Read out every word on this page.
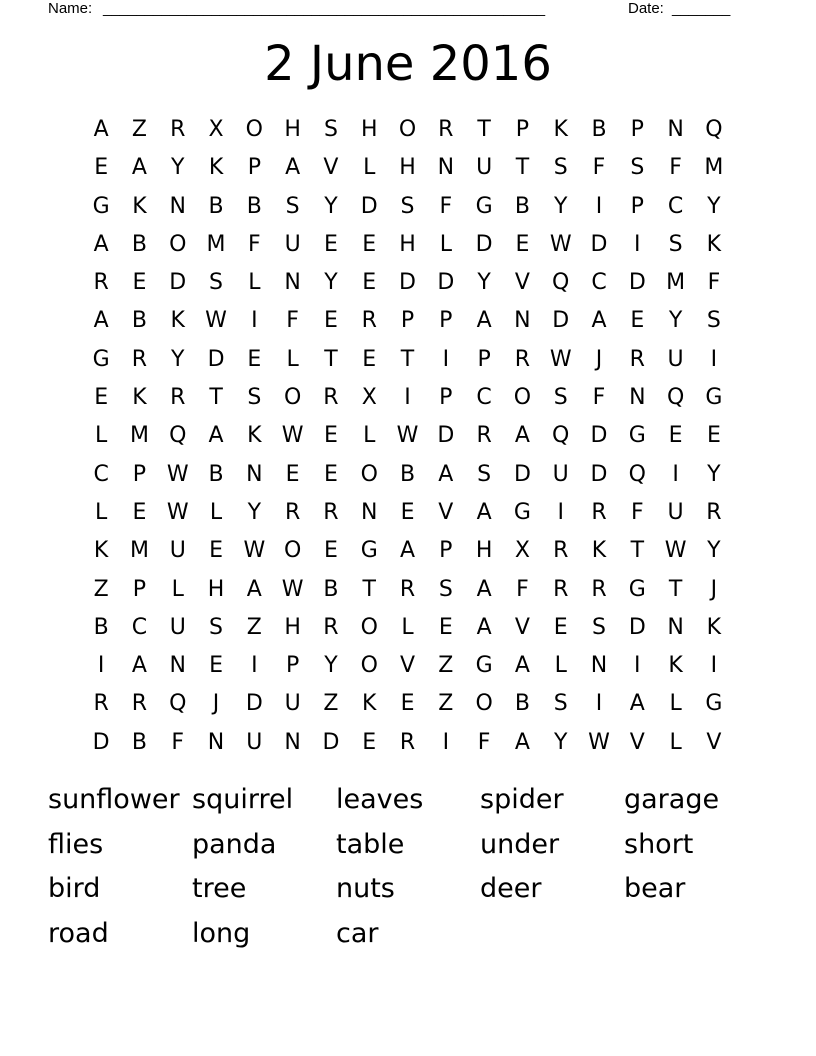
Name: _____________________________________________________	Date: _______
2 June 2016
A	Z	R	X	O H	S	H O R	T	P	K	B	P	N Q
E	A	Y	K	P	A	V	L	H N	U	T	S	F	S	F	M
G	K	N	B	B	S	Y	D	S	F	G	B	Y	I	P	C	Y
A	B	O M	F	U	E	E	H	L	D	E W D	I	S	K
R	E	D	S	L	N	Y	E	D D	Y	V	Q C	D M	F
A	B	K W	I	F	E	R	P	P	A	N D	A	E	Y	S
G	R	Y	D	E	L	T	E	T	I	P	R W	J	R	U	I
E	K	R	T	S	O R	X	I	P	C O	S	F	N Q G
L	M Q	A	K W E	L W D	R	A	Q D G	E	E
C	P W B	N	E	E	O	B	A	S	D U D Q	I	Y
L	E W L	Y	R	R	N	E	V	A	G	I	R	F	U	R
K M U	E W O	E	G	A	P	H	X	R	K	T W Y
Z	P	L	H	A W B	T	R	S	A	F	R	R	G	T	J
B	C	U	S	Z	H	R O	L	E	A	V	E	S	D N	K
I	A	N	E	I	P	Y	O	V	Z	G	A	L	N	I	K	I
R	R Q	J	D U	Z	K	E	Z	O	B	S	I	A	L	G
D	B	F	N	U	N D	E	R	I	F	A	Y W V	L	V
sunflower squirrel	leaves	spider	garage
flies	panda	table	under	short
bird	tree	nuts	deer	bear
road	long	car
